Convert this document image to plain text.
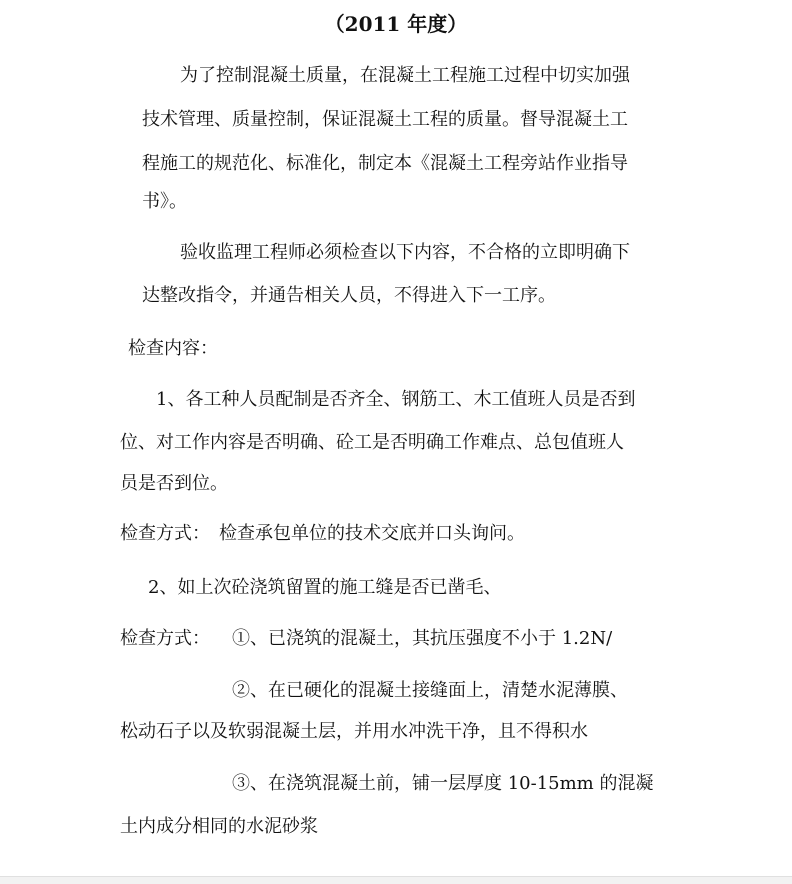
（2011 年度）
为了控制混凝土质量，在混凝土工程施工过程中切实加强
技术管理、质量控制，保证混凝土工程的质量。督导混凝土工
程施工的规范化、标准化，制定本《混凝土工程旁站作业指导
书》。
验收监理工程师必须检查以下内容，不合格的立即明确下
达整改指令，并通告相关人员，不得进入下一工序。
检查内容：
1、各工种人员配制是否齐全、钢筋工、木工值班人员是否到
位、对工作内容是否明确、砼工是否明确工作难点、总包值班人
员是否到位。
检查方式：　检查承包单位的技术交底并口头询问。
2、如上次砼浇筑留置的施工缝是否已凿毛、
检查方式： ①、已浇筑的混凝土，其抗压强度不小于 1.2N/
②、在已硬化的混凝土接缝面上，清楚水泥薄膜、
松动石子以及软弱混凝土层，并用水冲洗干净，且不得积水
③、在浇筑混凝土前，铺一层厚度 10-15mm 的混凝
土内成分相同的水泥砂浆
